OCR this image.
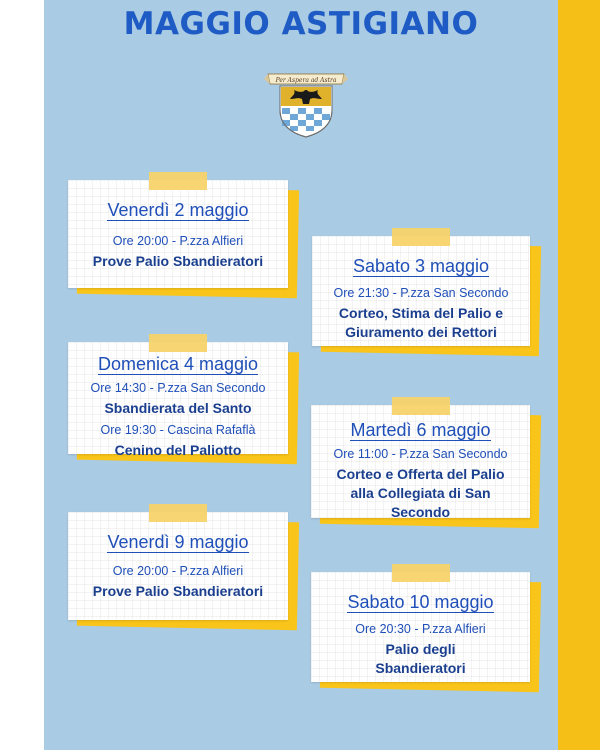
MAGGIO ASTIGIANO
Per Aspera ad Astra
Venerdì 2 maggio
Ore 20:00 - P.zza Alfieri
Prove Palio Sbandieratori	Sabato 3 maggio
Ore 21:30 - P.zza San Secondo
Corteo, Stima del Palio e
Giuramento dei Rettori
Domenica 4 maggio
Ore 14:30 - P.zza San Secondo
Sbandierata del Santo
Ore 19:30 - Cascina Rafaflà
Cenino del Paliotto
Martedì 6 maggio
Ore 11:00 - P.zza San Secondo
Corteo e Offerta del Palio
alla Collegiata di San
Secondo
Venerdì 9 maggio
Ore 20:00 - P.zza Alfieri
Prove Palio Sbandieratori
Sabato 10 maggio
Ore 20:30 - P.zza Alfieri
Palio degli
Sbandieratori
